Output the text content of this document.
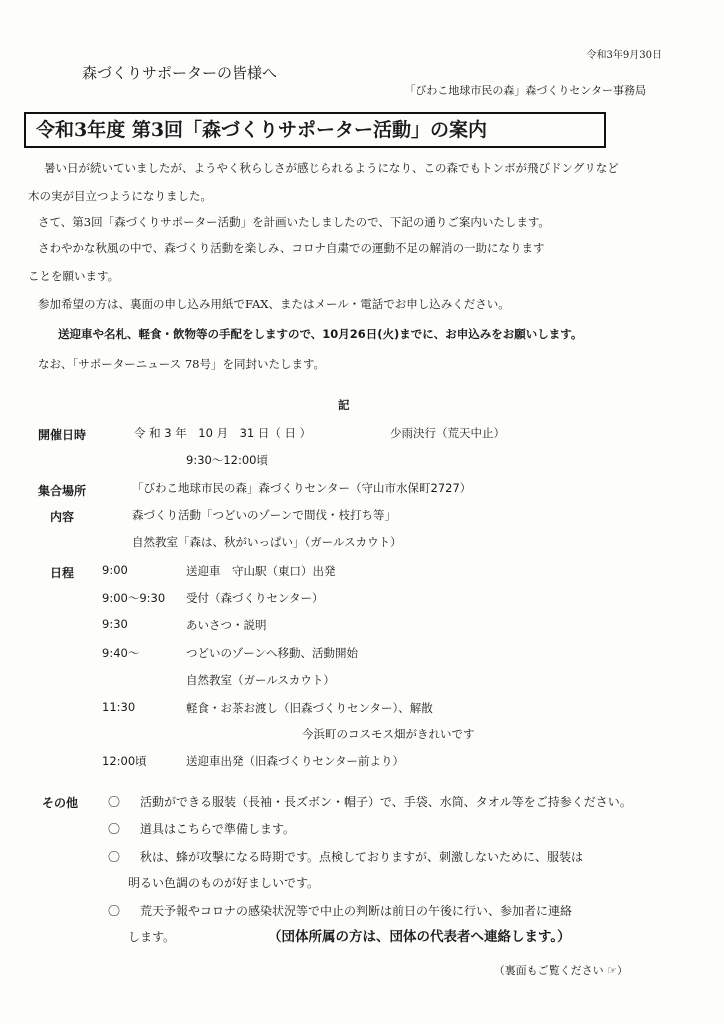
令和3年9月30日
森づくりサポーターの皆様へ
「びわこ地球市民の森」森づくりセンター事務局
令和3年度 第3回「森づくりサポーター活動」の案内
暑い日が続いていましたが、ようやく秋らしさが感じられるようになり、この森でもトンボが飛びドングリなど
木の実が目立つようになりました。
さて、第3回「森づくりサポーター活動」を計画いたしましたので、下記の通りご案内いたします。
さわやかな秋風の中で、森づくり活動を楽しみ、コロナ自粛での運動不足の解消の一助になります
ことを願います。
参加希望の方は、裏面の申し込み用紙でFAX、またはメール・電話でお申し込みください。
送迎車や名札、軽食・飲物等の手配をしますので、10月26日(火)までに、お申込みをお願いします。
なお、「サポーターニュース 78号」を同封いたします。
記
開催日時	令 和 3 年　10 月　31 日（ 日 ）	少雨決行（荒天中止）
9:30〜12:00頃
集合場所	「びわこ地球市民の森」森づくりセンター（守山市水保町2727）
内容	森づくり活動「つどいのゾーンで間伐・枝打ち等」
自然教室「森は、秋がいっぱい」（ガールスカウト）
日程 9:00	送迎車　守山駅（東口）出発
9:00〜9:30 受付（森づくりセンター）
9:30	あいさつ・説明
9:40〜	つどいのゾーンへ移動、活動開始
自然教室（ガールスカウト）
11:30	軽食・お茶お渡し（旧森づくりセンター）、解散
今浜町のコスモス畑がきれいです
12:00頃	送迎車出発（旧森づくりセンター前より）
その他 〇 活動ができる服装（長袖・長ズボン・帽子）で、手袋、水筒、タオル等をご持参ください。
〇 道具はこちらで準備します。
〇 秋は、蜂が攻撃になる時期です。点検しておりますが、刺激しないために、服装は
明るい色調のものが好ましいです。
〇 荒天予報やコロナの感染状況等で中止の判断は前日の午後に行い、参加者に連絡
します。	（団体所属の方は、団体の代表者へ連絡します。）
（裏面もご覧ください ☞）
